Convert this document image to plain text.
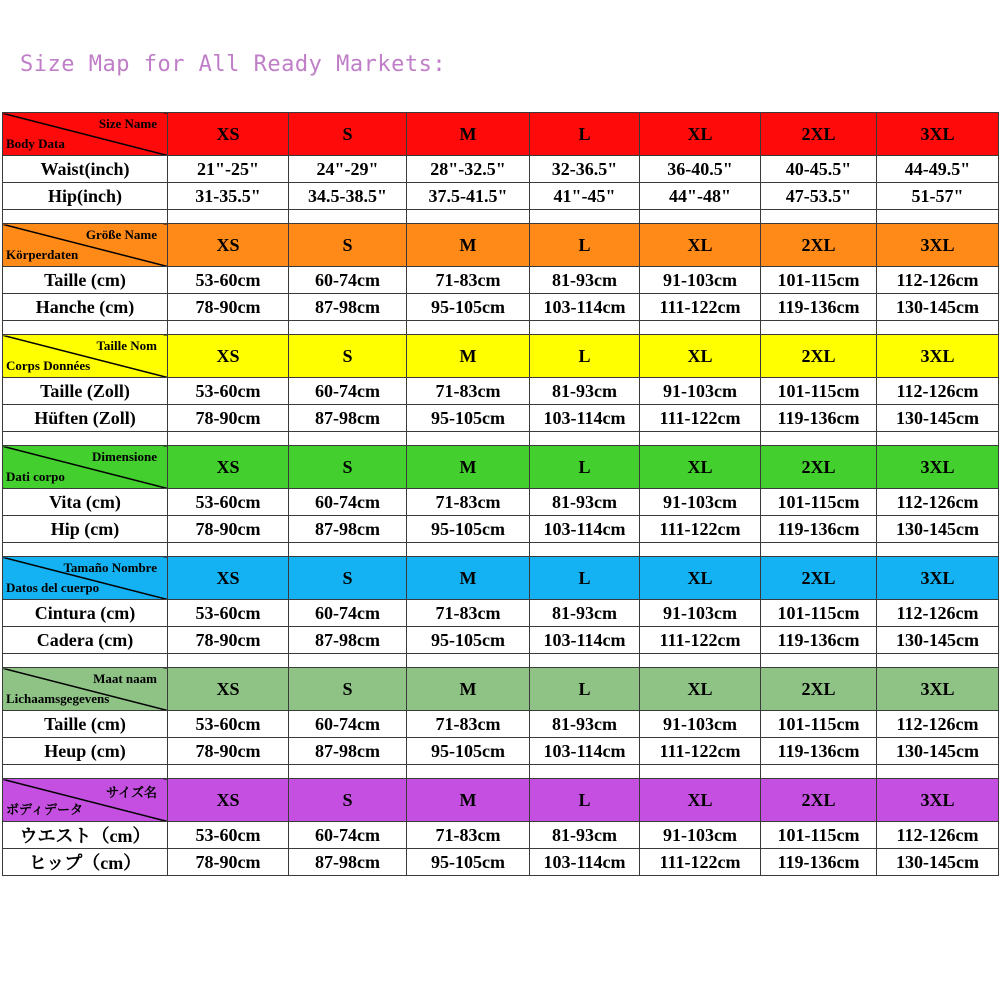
Size Map for All Ready Markets:
Size Name
Body Data	XS	S	M	L	XL	2XL	3XL
Waist(inch)	21"-25"	24"-29"	28"-32.5"	32-36.5"	36-40.5"	40-45.5"	44-49.5"
Hip(inch)	31-35.5"	34.5-38.5"	37.5-41.5"	41"-45"	44"-48"	47-53.5"	51-57"

Größe Name
Körperdaten	XS	S	M	L	XL	2XL	3XL
Taille (cm)	53-60cm	60-74cm	71-83cm	81-93cm	91-103cm	101-115cm	112-126cm
Hanche (cm)	78-90cm	87-98cm	95-105cm	103-114cm	111-122cm	119-136cm	130-145cm

Taille Nom
Corps Données	XS	S	M	L	XL	2XL	3XL
Taille (Zoll)	53-60cm	60-74cm	71-83cm	81-93cm	91-103cm	101-115cm	112-126cm
Hüften (Zoll)	78-90cm	87-98cm	95-105cm	103-114cm	111-122cm	119-136cm	130-145cm

Dimensione
Dati corpo	XS	S	M	L	XL	2XL	3XL
Vita (cm)	53-60cm	60-74cm	71-83cm	81-93cm	91-103cm	101-115cm	112-126cm
Hip (cm)	78-90cm	87-98cm	95-105cm	103-114cm	111-122cm	119-136cm	130-145cm

Tamaño Nombre
Datos del cuerpo	XS	S	M	L	XL	2XL	3XL
Cintura (cm)	53-60cm	60-74cm	71-83cm	81-93cm	91-103cm	101-115cm	112-126cm
Cadera (cm)	78-90cm	87-98cm	95-105cm	103-114cm	111-122cm	119-136cm	130-145cm

Maat naam
Lichaamsgegevens	XS	S	M	L	XL	2XL	3XL
Taille (cm)	53-60cm	60-74cm	71-83cm	81-93cm	91-103cm	101-115cm	112-126cm
Heup (cm)	78-90cm	87-98cm	95-105cm	103-114cm	111-122cm	119-136cm	130-145cm

サイズ名
ボディデータ	XS	S	M	L	XL	2XL	3XL
ウエスト（cm）	53-60cm	60-74cm	71-83cm	81-93cm	91-103cm	101-115cm	112-126cm
ヒップ（cm）	78-90cm	87-98cm	95-105cm	103-114cm	111-122cm	119-136cm	130-145cm
